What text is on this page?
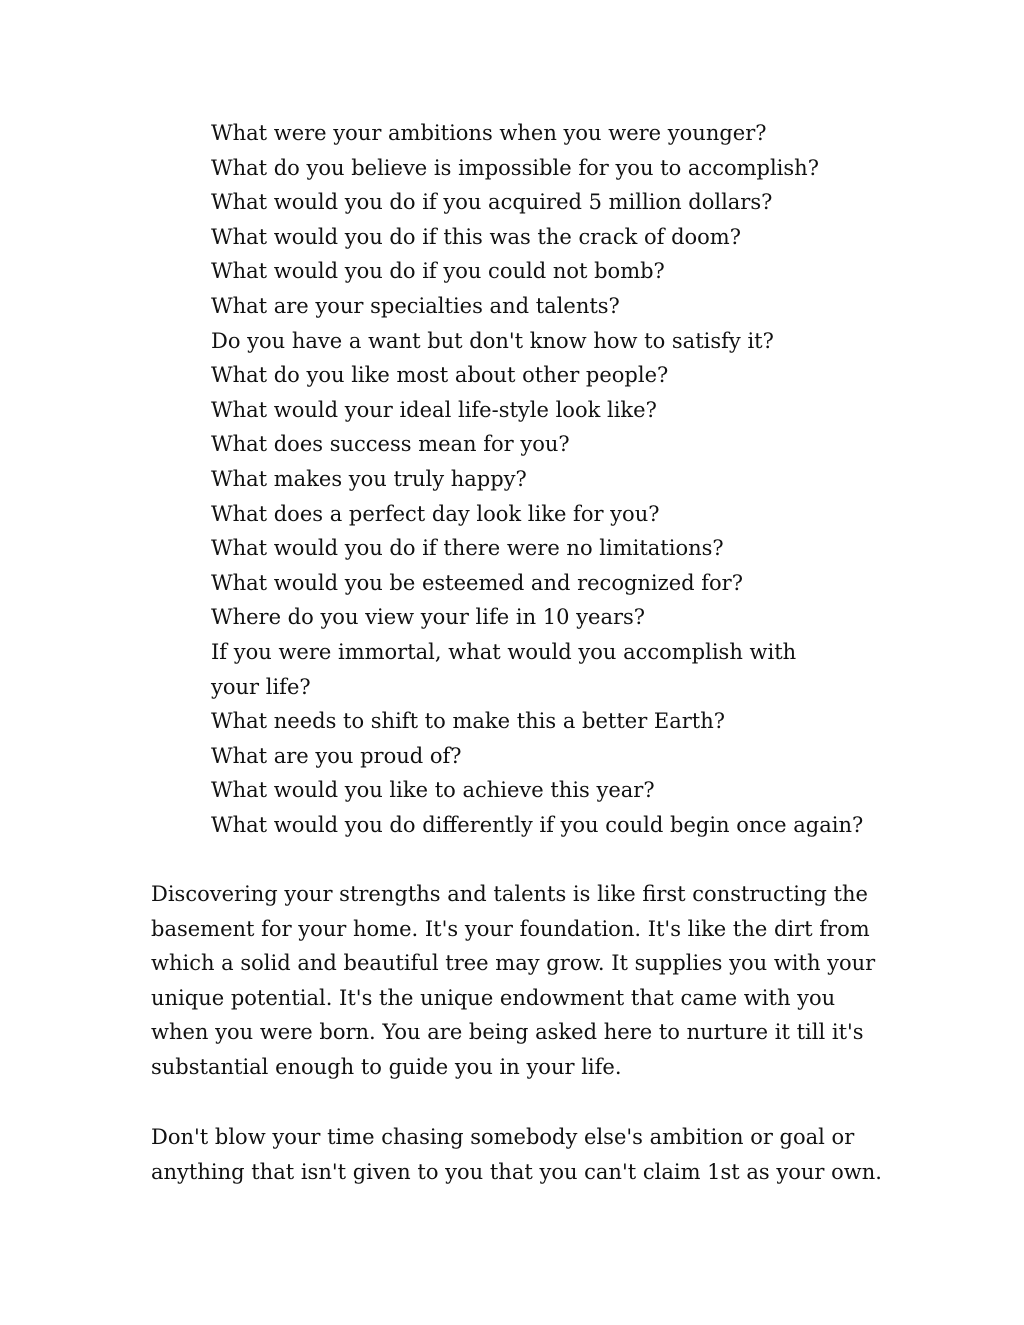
What were your ambitions when you were younger?
What do you believe is impossible for you to accomplish?
What would you do if you acquired 5 million dollars?
What would you do if this was the crack of doom?
What would you do if you could not bomb?
What are your specialties and talents?
Do you have a want but don't know how to satisfy it?
What do you like most about other people?
What would your ideal life-style look like?
What does success mean for you?
What makes you truly happy?
What does a perfect day look like for you?
What would you do if there were no limitations?
What would you be esteemed and recognized for?
Where do you view your life in 10 years?
If you were immortal, what would you accomplish with
your life?
What needs to shift to make this a better Earth?
What are you proud of?
What would you like to achieve this year?
What would you do differently if you could begin once again?

Discovering your strengths and talents is like first constructing the
basement for your home. It's your foundation. It's like the dirt from
which a solid and beautiful tree may grow. It supplies you with your
unique potential. It's the unique endowment that came with you
when you were born. You are being asked here to nurture it till it's
substantial enough to guide you in your life.

Don't blow your time chasing somebody else's ambition or goal or
anything that isn't given to you that you can't claim 1st as your own.
